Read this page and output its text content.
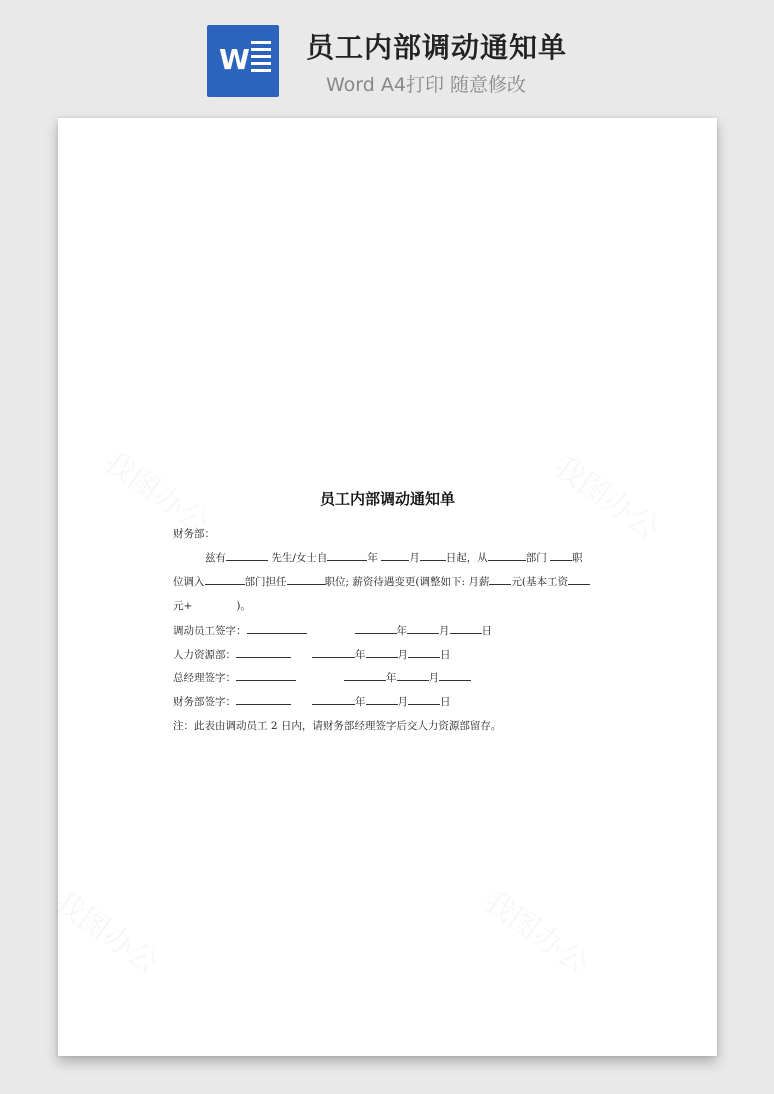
W 员工内部调动通知单
Word A4打印 随意修改
员工内部调动通知单
财务部：
兹有	先生/女士自	年	月 日起，从	部门 职
位调入	部门担任	职位; 薪资待遇变更(调整如下: 月薪 元(基本工资
元+	)。
调动员工签字：	年	月	日
人力资源部：	年	月	日
总经理签字：	年	月
财务部签字：	年	月	日
注：此表由调动员工 2 日内，请财务部经理签字后交人力资源部留存。
